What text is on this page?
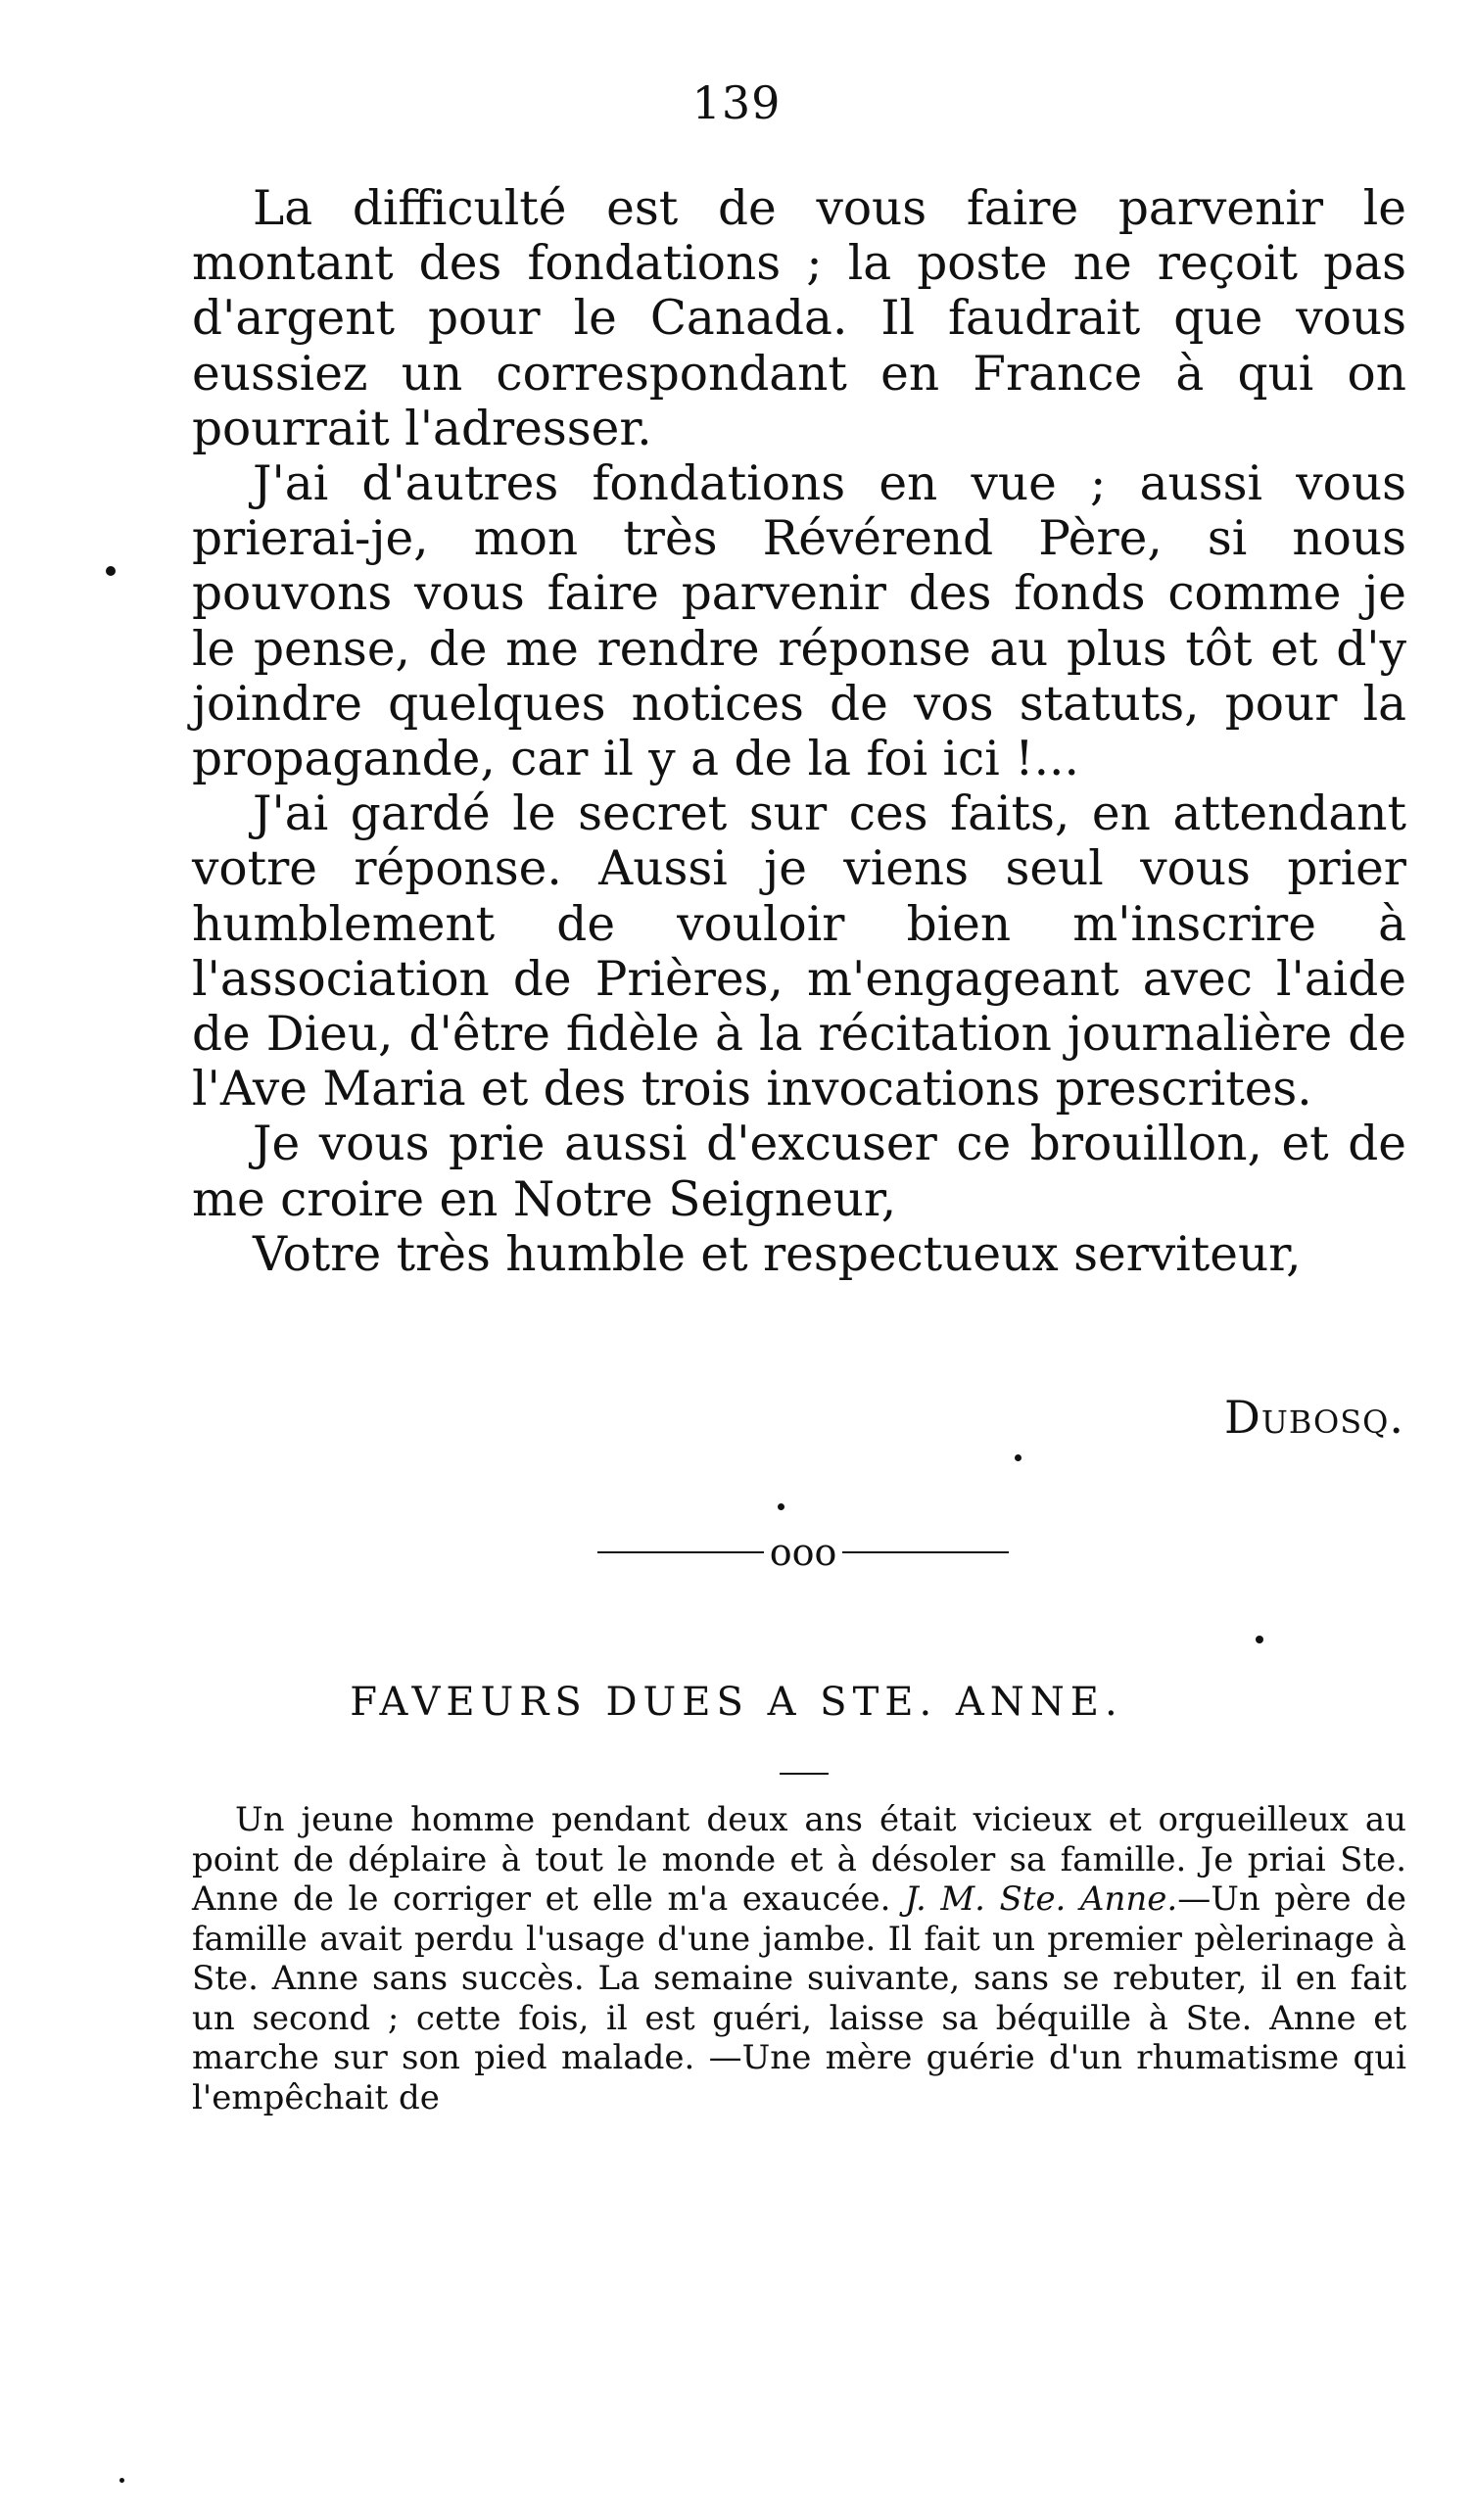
139

La difficulté est de vous faire parvenir le montant des fondations ; la poste ne reçoit pas d'argent pour le Canada. Il faudrait que vous eussiez un correspondant en France à qui on pourrait l'adresser.

J'ai d'autres fondations en vue ; aussi vous prierai-je, mon très Révérend Père, si nous pouvons vous faire parvenir des fonds comme je le pense, de me rendre réponse au plus tôt et d'y joindre quelques notices de vos statuts, pour la propagande, car il y a de la foi ici !...

J'ai gardé le secret sur ces faits, en attendant votre réponse. Aussi je viens seul vous prier humblement de vouloir bien m'inscrire à l'association de Prières, m'engageant avec l'aide de Dieu, d'être fidèle à la récitation journalière de l'Ave Maria et des trois invocations prescrites.

Je vous prie aussi d'excuser ce brouillon, et de me croire en Notre Seigneur,

Votre très humble et respectueux serviteur,

Dubosq.
ooo
FAVEURS DUES A STE. ANNE.

Un jeune homme pendant deux ans était vicieux et orgueilleux au point de déplaire à tout le monde et à désoler sa famille. Je priai Ste. Anne de le corriger et elle m'a exaucée. J. M. Ste. Anne.—Un père de famille avait perdu l'usage d'une jambe. Il fait un premier pèlerinage à Ste. Anne sans succès. La semaine suivante, sans se rebuter, il en fait un second ; cette fois, il est guéri, laisse sa béquille à Ste. Anne et marche sur son pied malade. —Une mère guérie d'un rhumatisme qui l'empêchait de
